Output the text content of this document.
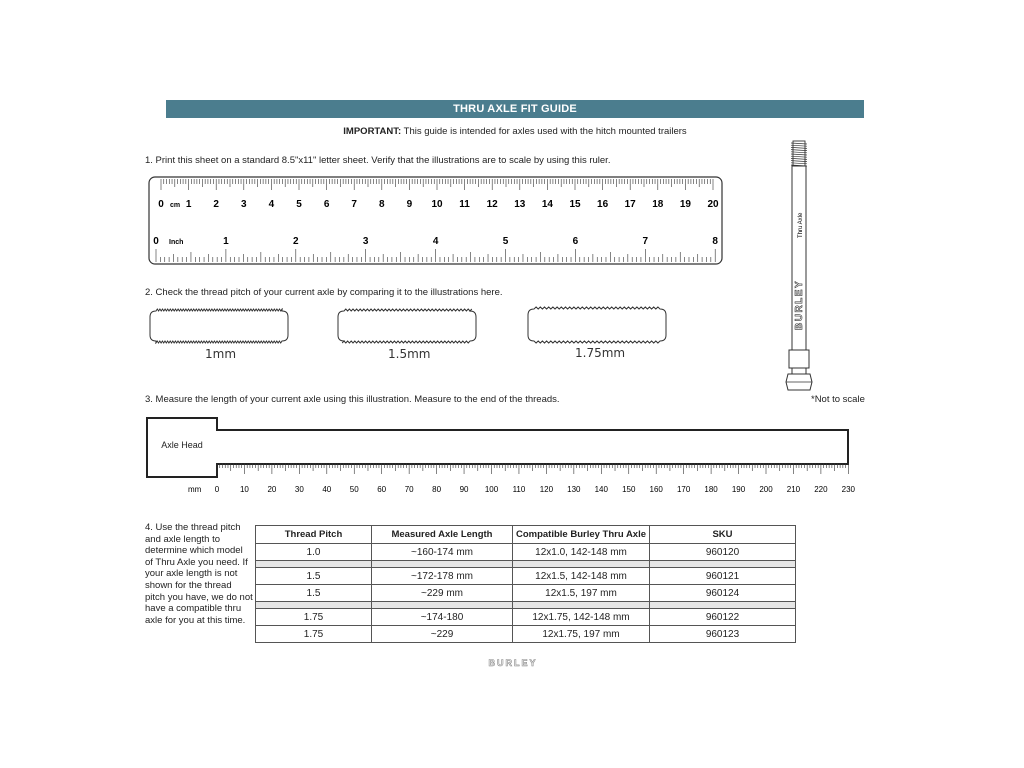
THRU AXLE FIT GUIDE
IMPORTANT: This guide is intended for axles used with the hitch mounted trailers
1. Print this sheet on a standard 8.5"x11" letter sheet. Verify that the illustrations are to scale by using this ruler.
0 1 2 3 4 5 6 7 8 9 10 11 12 13 14 15 16 17 18 19 20
0	1	2	3	4	5	6	7	8
cm
Inch
2. Check the thread pitch of your current axle by comparing it to the illustrations here.
1mm	1.5mm	1.75mm
Thru Axle
BURLEY
3. Measure the length of your current axle using this illustration. Measure to the end of the threads.	*Not to scale
Axle Head
0	10 20 30 40 50 60 70 80 90 100 110 120 130 140 150 160 170 180 190 200 210 220 230
mm
4. Use the thread pitch and axle length to determine which model of Thru Axle you need. If your axle length is not shown for the thread pitch you have, we do not have a compatible thru axle for you at this time.
Thread Pitch	Measured Axle Length	Compatible Burley Thru Axle	SKU
1.0	~160-174 mm	12x1.0, 142-148 mm	960120

1.5	~172-178 mm	12x1.5, 142-148 mm	960121
1.5	~229 mm	12x1.5, 197 mm	960124

1.75	~174-180	12x1.75, 142-148 mm	960122
1.75	~229	12x1.75, 197 mm	960123
BURLEY
